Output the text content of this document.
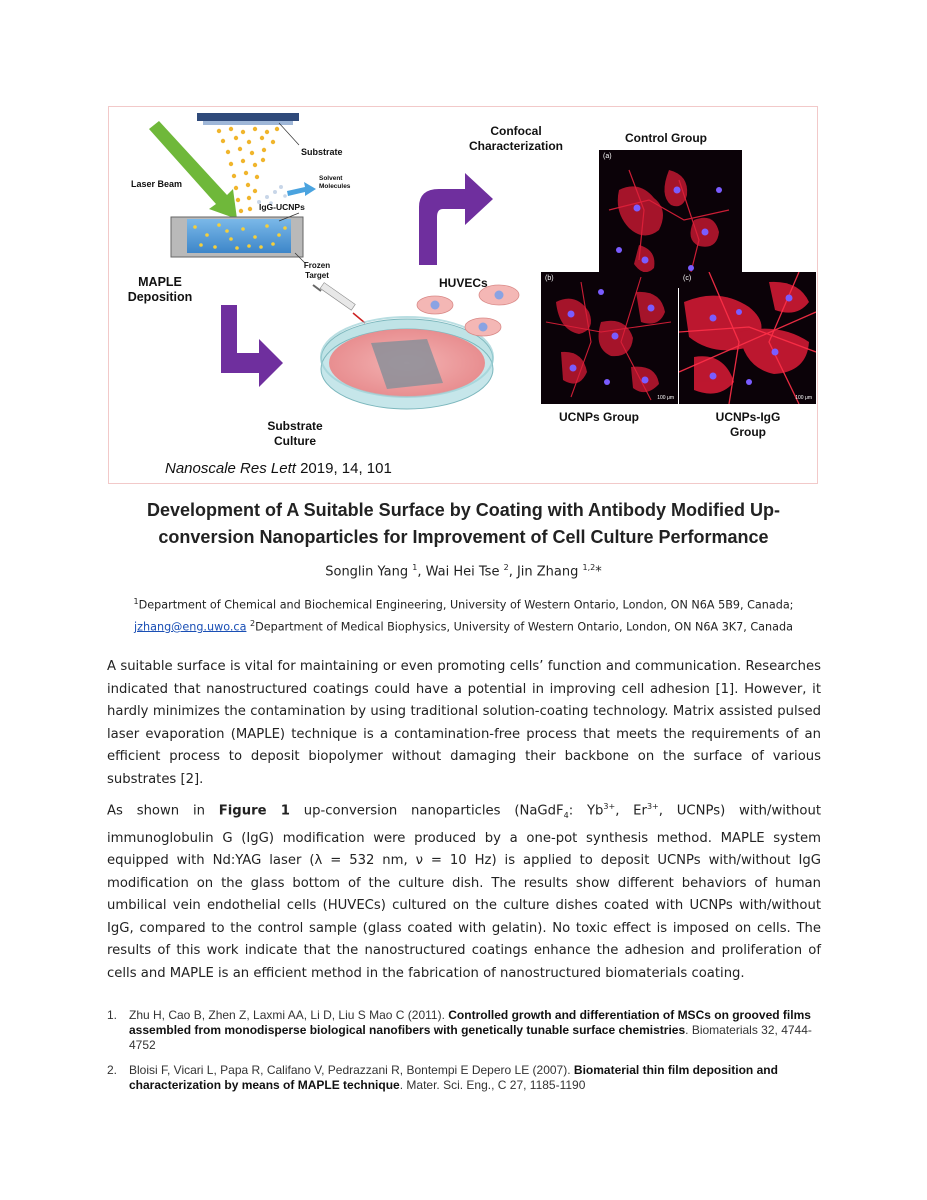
Substrate
Laser Beam
Solvent Molecules
IgG-UCNPs
Frozen Target
MAPLE Deposition
HUVECs
Substrate Culture
Confocal Characterization
Control Group
UCNPs Group	UCNPs-IgG Group
(a)
(b)
100 μm
(c)
100 μm
Nanoscale Res Lett 2019, 14, 101
Development of A Suitable Surface by Coating with Antibody Modified Up-conversion Nanoparticles for Improvement of Cell Culture Performance
Songlin Yang $^1$, Wai Hei Tse $^2$, Jin Zhang $^{1,2}$*
$^1$Department of Chemical and Biochemical Engineering, University of Western Ontario, London, ON N6A 5B9, Canada; jzhang@eng.uwo.ca $^2$Department of Medical Biophysics, University of Western Ontario, London, ON N6A 3K7, Canada
A suitable surface is vital for maintaining or even promoting cells’ function and communication. Researches indicated that nanostructured coatings could have a potential in improving cell adhesion [1]. However, it hardly minimizes the contamination by using traditional solution-coating technology. Matrix assisted pulsed laser evaporation (MAPLE) technique is a contamination-free process that meets the requirements of an efficient process to deposit biopolymer without damaging their backbone on the surface of various substrates [2].
As shown in Figure 1 up-conversion nanoparticles (NaGdF$_4$: $Yb^{3+}$, $Er^{3+}$, UCNPs) with/without immunoglobulin G (IgG) modification were produced by a one-pot synthesis method. MAPLE system equipped with Nd:YAG laser (λ = 532 nm, ν = 10 Hz) is applied to deposit UCNPs with/without IgG modification on the glass bottom of the culture dish. The results show different behaviors of human umbilical vein endothelial cells (HUVECs) cultured on the culture dishes coated with UCNPs with/without IgG, compared to the control sample (glass coated with gelatin). No toxic effect is imposed on cells. The results of this work indicate that the nanostructured coatings enhance the adhesion and proliferation of cells and MAPLE is an efficient method in the fabrication of nanostructured biomaterials coating.
1. Zhu H, Cao B, Zhen Z, Laxmi AA, Li D, Liu S Mao C (2011). Controlled growth and differentiation of MSCs on grooved films assembled from monodisperse biological nanofibers with genetically tunable surface chemistries. Biomaterials 32, 4744-4752
2. Bloisi F, Vicari L, Papa R, Califano V, Pedrazzani R, Bontempi E Depero LE (2007). Biomaterial thin film deposition and characterization by means of MAPLE technique. Mater. Sci. Eng., C 27, 1185-1190
